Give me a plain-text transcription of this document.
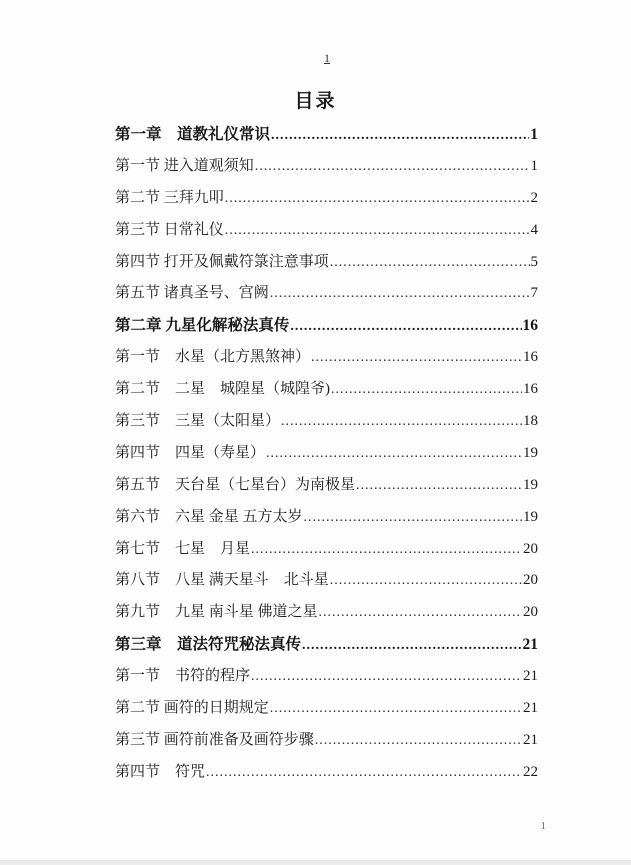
1
目录
第一章　道教礼仪常识 .....	1
第一节 进入道观须知 .....	1
第二节 三拜九叩 .....	2
第三节 日常礼仪 .....	4
第四节 打开及佩戴符箓注意事项 .....	5
第五节 诸真圣号、宫阙 .....	7
第二章 九星化解秘法真传 .....	16
第一节　水星（北方黑煞神） .....	16
第二节　二星　城隍星（城隍爷) .....	16
第三节　三星（太阳星） .....	18
第四节　四星（寿星） .....	19
第五节　天台星（七星台）为南极星 .....	19
第六节　六星 金星 五方太岁 .....	19
第七节　七星　月星 .....	20
第八节　八星 满天星斗　北斗星 .....	20
第九节　九星 南斗星 佛道之星 .....	20
第三章　道法符咒秘法真传 .....	21
第一节　书符的程序 .....	21
第二节 画符的日期规定 .....	21
第三节 画符前准备及画符步骤 .....	21
第四节　符咒 .....	22
1
